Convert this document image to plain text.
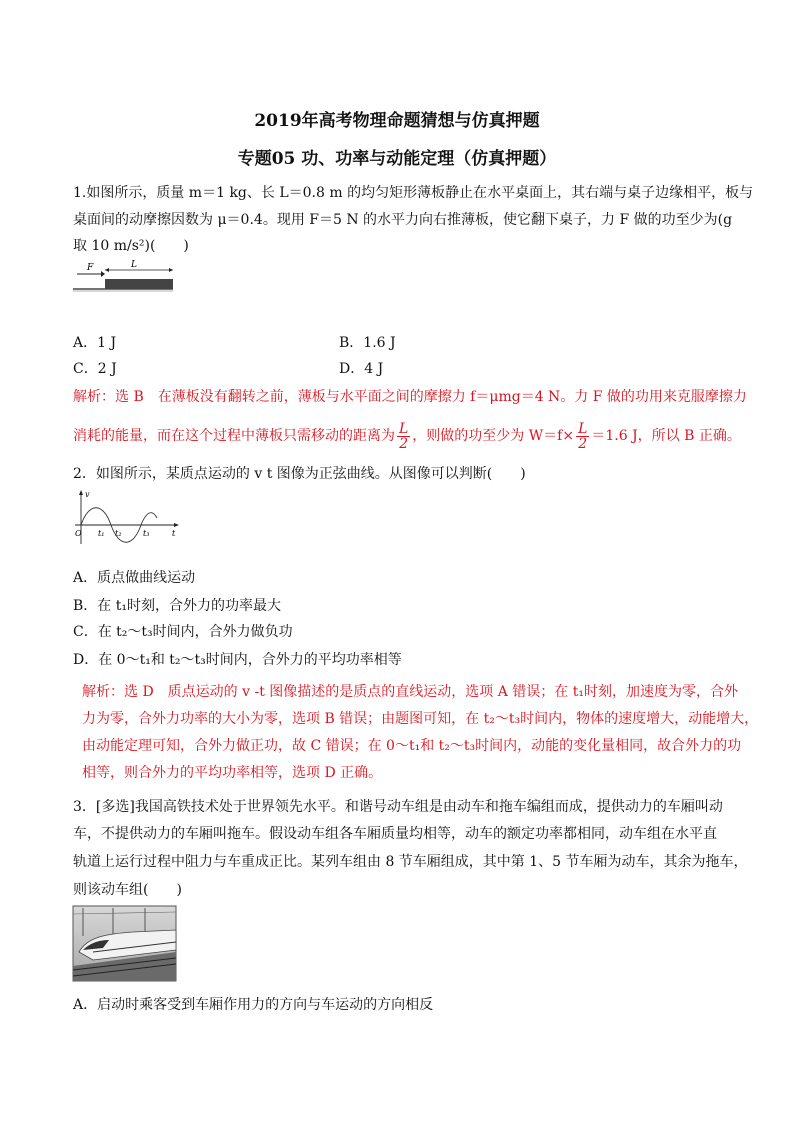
2019年高考物理命题猜想与仿真押题
专题05 功、功率与动能定理（仿真押题）
1.如图所示，质量 m＝1 kg、长 L＝0.8 m 的均匀矩形薄板静止在水平桌面上，其右端与桌子边缘相平，板与
桌面间的动摩擦因数为 μ＝0.4。现用 F＝5 N 的水平力向右推薄板，使它翻下桌子，力 F 做的功至少为(g
取 10 m/s²)(　　)
F	L
A．1 J	B．1.6 J
C．2 J	D．4 J
解析：选 B　在薄板没有翻转之前，薄板与水平面之间的摩擦力 f＝μmg＝4 N。力 F 做的功用来克服摩擦力
消耗的能量，而在这个过程中薄板只需移动的距离为 $\frac{L}{2}$ ，则做的功至少为 $W=f\times \frac{L}{2} =1.6$ J，所以 B 正确。
2．如图所示，某质点运动的 v t 图像为正弦曲线。从图像可以判断(　　)
v
O t₁ t₂	t₃	t
A．质点做曲线运动
B．在 t₁时刻，合外力的功率最大
C．在 t₂～t₃时间内，合外力做负功
D．在 0～t₁和 t₂～t₃时间内，合外力的平均功率相等
解析：选 D　质点运动的 v -t 图像描述的是质点的直线运动，选项 A 错误；在 t₁时刻，加速度为零，合外
力为零，合外力功率的大小为零，选项 B 错误；由题图可知，在 t₂～t₃时间内，物体的速度增大，动能增大，
由动能定理可知，合外力做正功，故 C 错误；在 0～t₁和 t₂～t₃时间内，动能的变化量相同，故合外力的功
相等，则合外力的平均功率相等，选项 D 正确。
3．[多选]我国高铁技术处于世界领先水平。和谐号动车组是由动车和拖车编组而成，提供动力的车厢叫动
车，不提供动力的车厢叫拖车。假设动车组各车厢质量均相等，动车的额定功率都相同，动车组在水平直
轨道上运行过程中阻力与车重成正比。某列车组由 8 节车厢组成，其中第 1、5 节车厢为动车，其余为拖车，
则该动车组(　　)
A．启动时乘客受到车厢作用力的方向与车运动的方向相反
